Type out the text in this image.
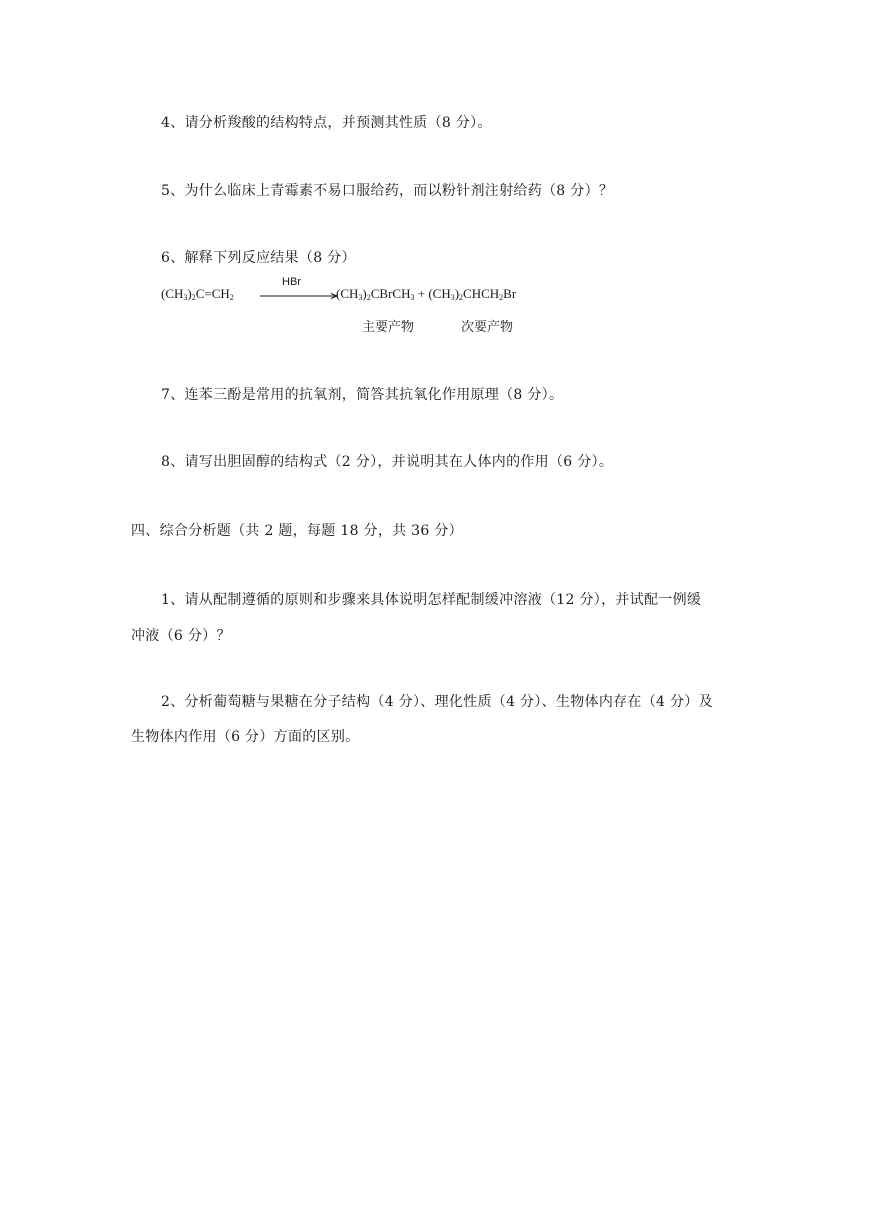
4、请分析羧酸的结构特点，并预测其性质（8 分）。
5、为什么临床上青霉素不易口服给药，而以粉针剂注射给药（8 分）？
6、解释下列反应结果（8 分）
$(CH_3)_2C=CH_2$
HBr
$(CH_3)_2CBrCH_3$ + $(CH_3)_2CHCH_2Br$
主要产物	次要产物
7、连苯三酚是常用的抗氧剂，简答其抗氧化作用原理（8 分）。
8、请写出胆固醇的结构式（2 分），并说明其在人体内的作用（6 分）。
四、综合分析题（共 2 题，每题 18 分，共 36 分）
1、请从配制遵循的原则和步骤来具体说明怎样配制缓冲溶液（12 分），并试配一例缓
冲液（6 分）？
2、分析葡萄糖与果糖在分子结构（4 分）、理化性质（4 分）、生物体内存在（4 分）及
生物体内作用（6 分）方面的区别。
